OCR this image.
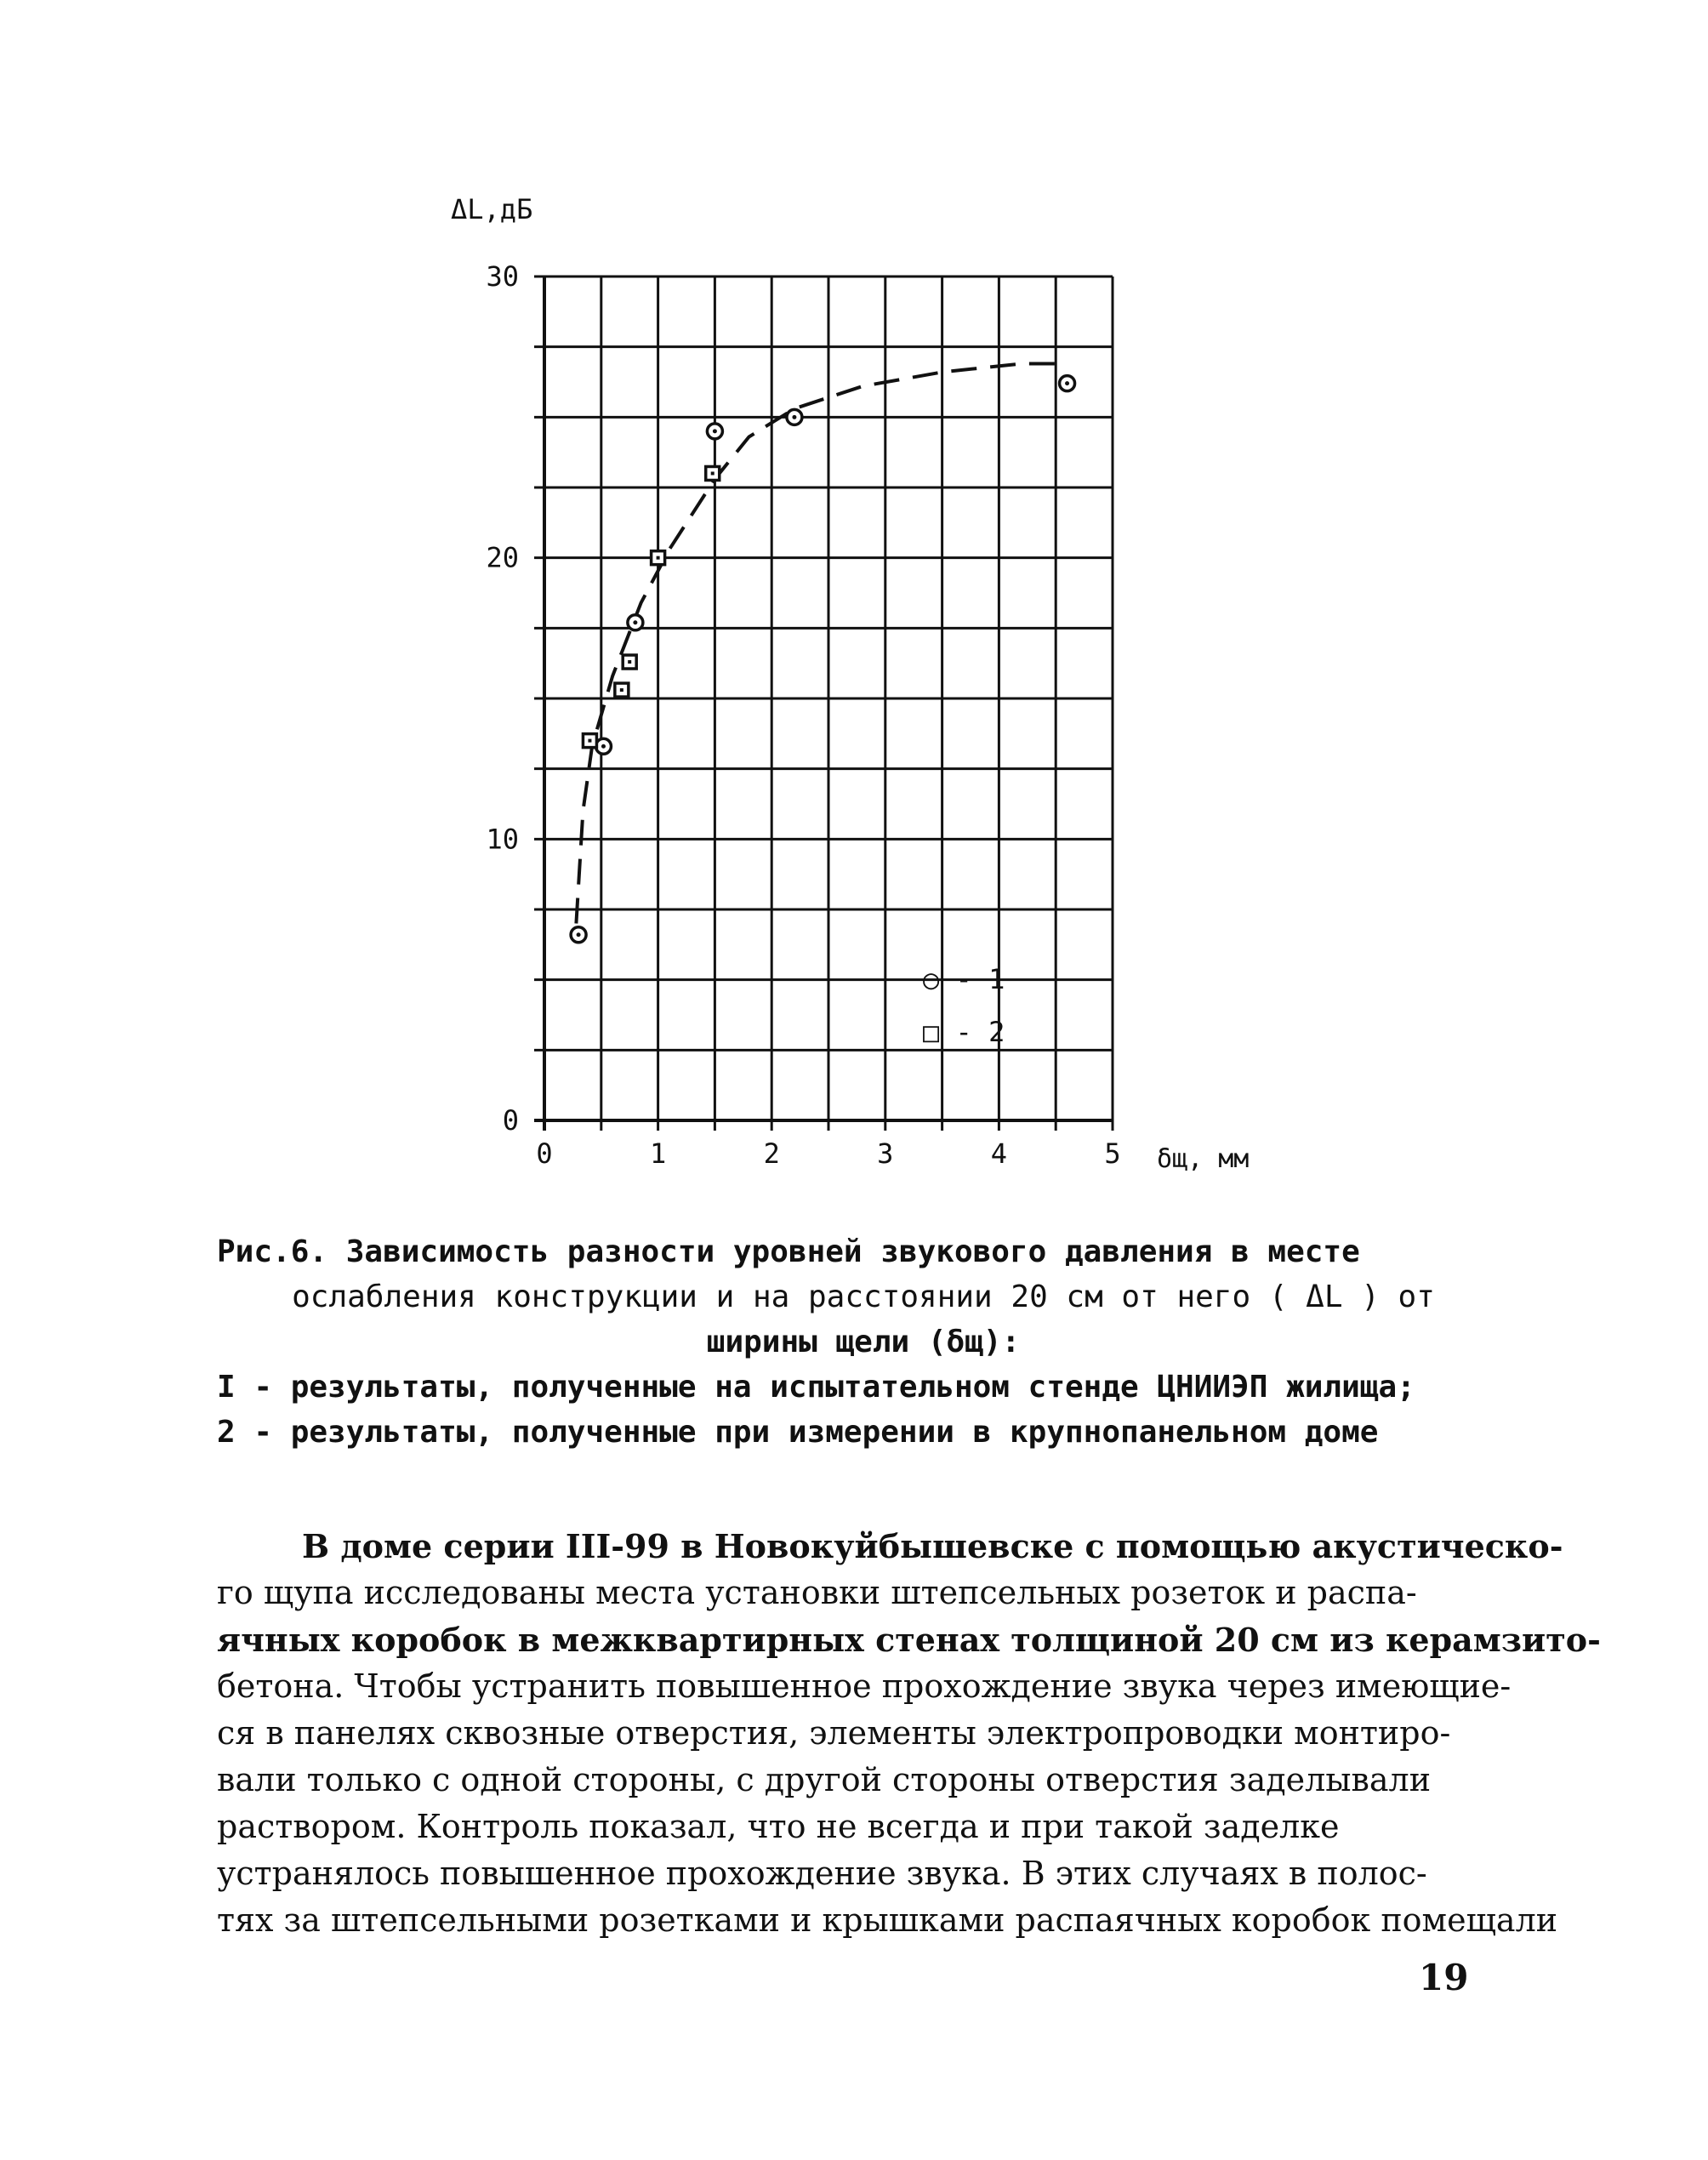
0	1	2	3	4	5
0
10
20
30
ΔL,дБ
δщ, мм
○ - 1
□ - 2
Рис.6. Зависимость разности уровней звукового давления в месте
ослабления конструкции и на расстоянии 20 см от него ( ΔL ) от
ширины щели (δщ):
I - результаты, полученные на испытательном стенде ЦНИИЭП жилища;
2 - результаты, полученные при измерении в крупнопанельном доме
В доме серии III-99 в Новокуйбышевске с помощью акустическо-
го щупа исследованы места установки штепсельных розеток и распа-
ячных коробок в межквартирных стенах толщиной 20 см из керамзито-
бетона. Чтобы устранить повышенное прохождение звука через имеющие-
ся в панелях сквозные отверстия, элементы электропроводки монтиро-
вали только с одной стороны, с другой стороны отверстия заделывали
раствором. Контроль показал, что не всегда и при такой заделке
устранялось повышенное прохождение звука. В этих случаях в полос-
тях за штепсельными розетками и крышками распаячных коробок помещали
19
